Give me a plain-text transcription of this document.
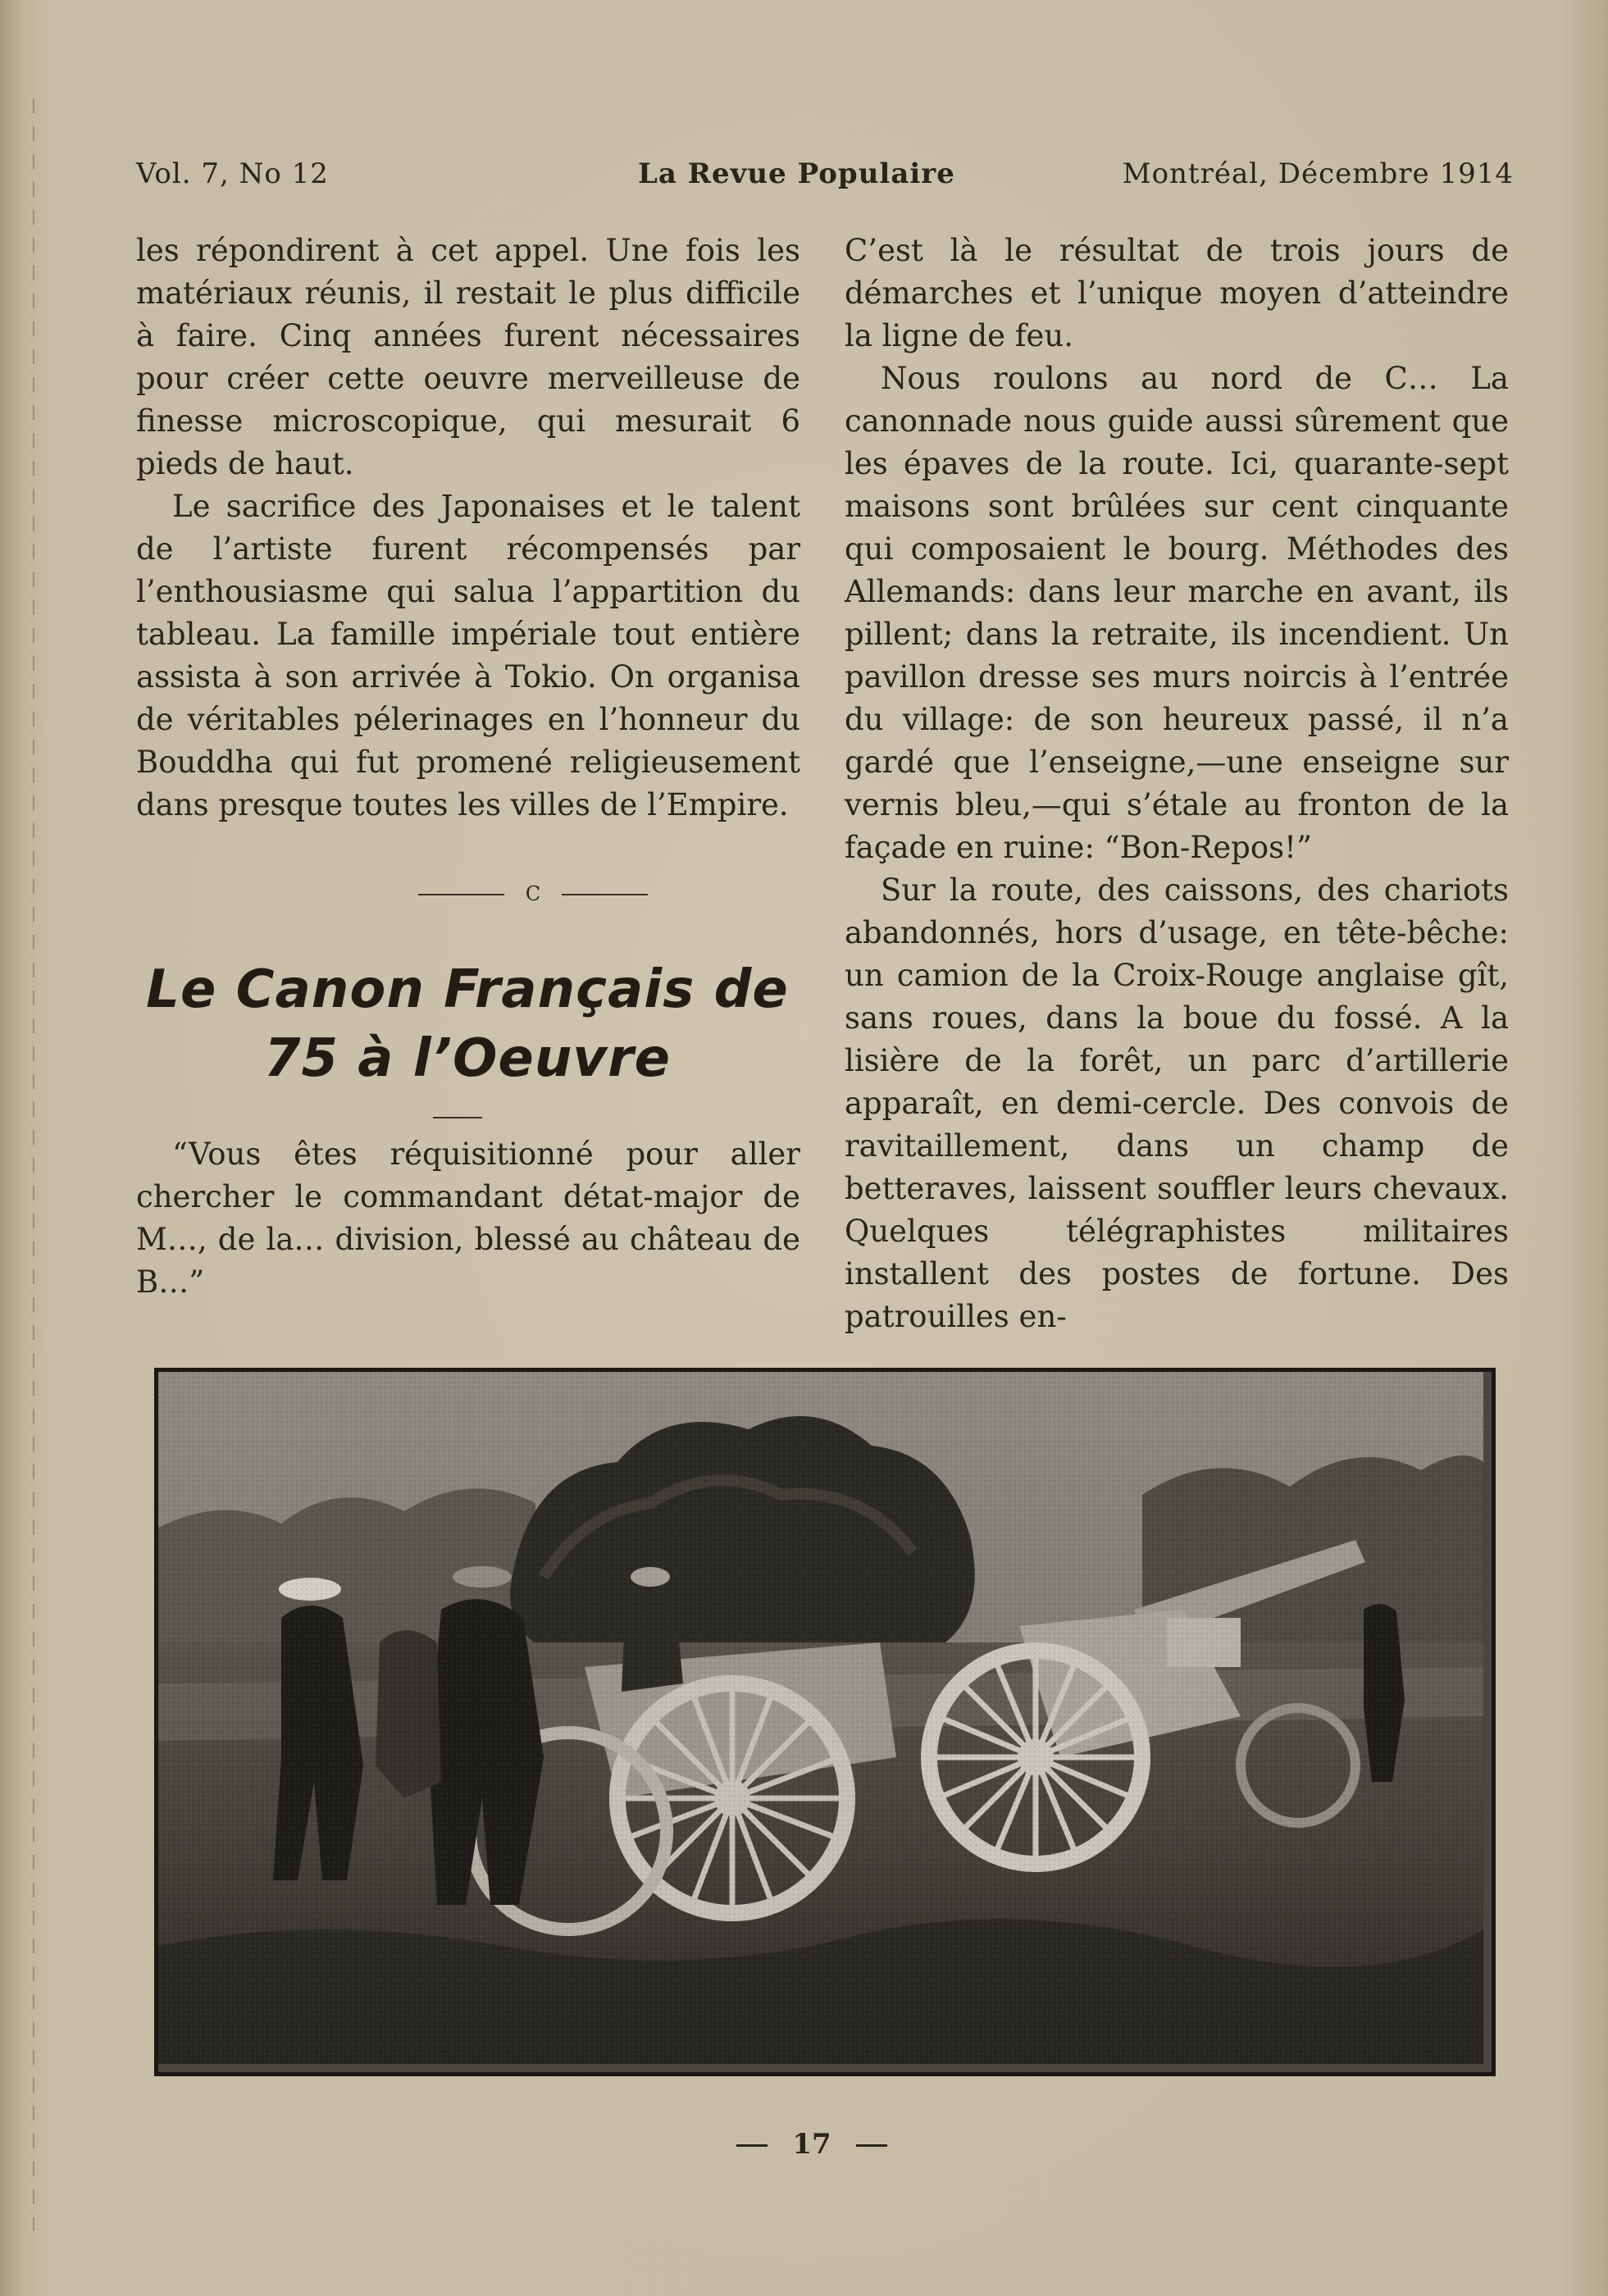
Vol. 7, No 12	La Revue Populaire	Montréal, Décembre 1914

les répondirent à cet appel. Une fois les matériaux réunis, il restait le plus difficile à faire. Cinq années furent nécessaires pour créer cette oeuvre merveilleuse de finesse microscopique, qui mesurait 6 pieds de haut.

Le sacrifice des Japonaises et le talent de l’artiste furent récompensés par l’enthousiasme qui salua l’appartition du tableau. La famille impériale tout entière assista à son arrivée à Tokio. On organisa de véritables pélerinages en l’honneur du Bouddha qui fut promené religieusement dans presque toutes les villes de l’Empire.

C
Le Canon Français de 75 à l’Oeuvre

“Vous êtes réquisitionné pour aller chercher le commandant détat-major de M…, de la… division, blessé au château de B…”

C’est là le résultat de trois jours de démarches et l’unique moyen d’atteindre la ligne de feu.

Nous roulons au nord de C… La canonnade nous guide aussi sûrement que les épaves de la route. Ici, quarante-sept maisons sont brûlées sur cent cinquante qui composaient le bourg. Méthodes des Allemands: dans leur marche en avant, ils pillent; dans la retraite, ils incendient. Un pavillon dresse ses murs noircis à l’entrée du village: de son heureux passé, il n’a gardé que l’enseigne,—une enseigne sur vernis bleu,—qui s’étale au fronton de la façade en ruine: “Bon-Repos!”

Sur la route, des caissons, des chariots abandonnés, hors d’usage, en tête-bêche: un camion de la Croix-Rouge anglaise gît, sans roues, dans la boue du fossé. A la lisière de la forêt, un parc d’artillerie apparaît, en demi-cercle. Des convois de ravitaillement, dans un champ de betteraves, laissent souffler leurs chevaux. Quelques télégraphistes militaires installent des postes de fortune. Des patrouilles en-

17
